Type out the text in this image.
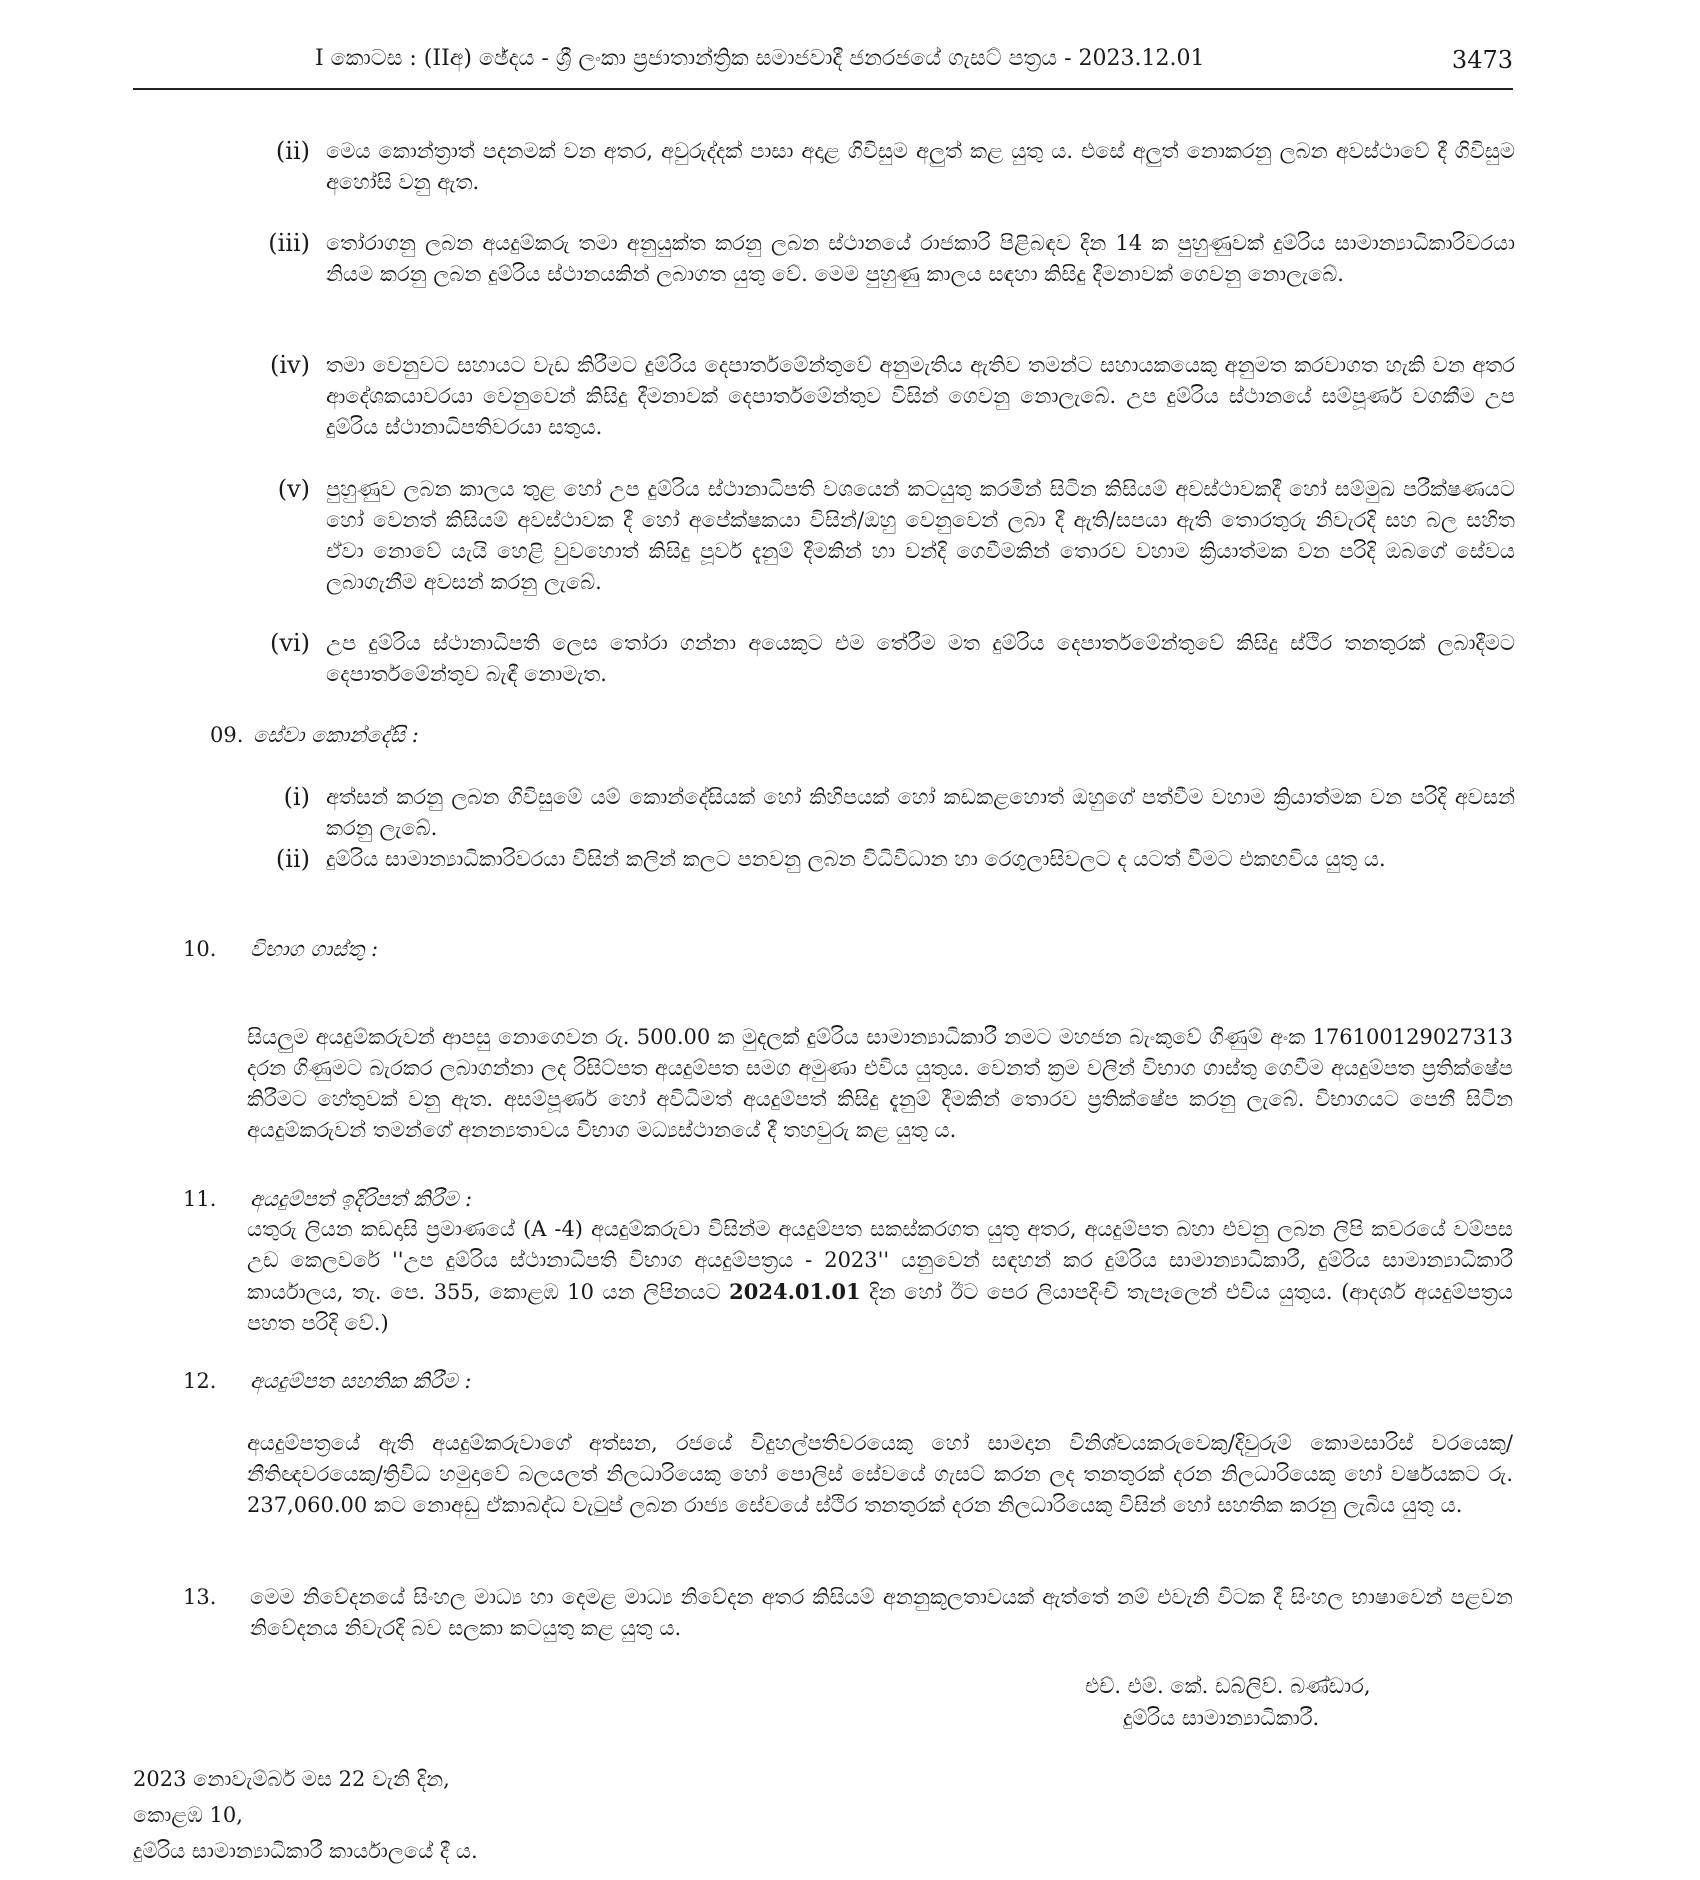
I කොටස : (IIඅ) ඡේදය - ශ්‍රී ලංකා ප්‍රජාතාන්ත්‍රික සමාජවාදී ජනරජයේ ගැසට් පත්‍රය - 2023.12.01	3473
(ii) මෙය කොන්ත්‍රාත් පදනමක් වන අතර, අවුරුද්දක් පාසා අදාළ ගිවිසුම අලුත් කළ යුතු ය. එසේ අලුත් නොකරනු ලබන අවස්ථාවේ දී ගිවිසුම අහෝසි වනු ඇත.
(iii) තෝරාගනු ලබන අයදුම්කරු තමා අනුයුක්ත කරනු ලබන ස්ථානයේ රාජකාරි පිළිබඳව දින 14 ක පුහුණුවක් දුම්රිය සාමාන්‍යාධිකාරිවරයා නියම කරනු ලබන දුම්රිය ස්ථානයකින් ලබාගත යුතු වේ. මෙම පුහුණු කාලය සඳහා කිසිදු දීමනාවක් ගෙවනු නොලැබේ.
(iv) තමා වෙනුවට සහායට වැඩ කිරීමට දුම්රිය දෙපාර්තමේන්තුවේ අනුමැතිය ඇතිව තමන්ට සහායකයෙකු අනුමත කරවාගත හැකි වන අතර ආදේශකයාවරයා වෙනුවෙන් කිසිදු දීමනාවක් දෙපාර්තමේන්තුව විසින් ගෙවනු නොලැබේ. උප දුම්රිය ස්ථානයේ සම්පූර්ණ වගකීම උප දුම්රිය ස්ථානාධිපතිවරයා සතුය.
(v) පුහුණුව ලබන කාලය තුළ හෝ උප දුම්රිය ස්ථානාධිපති වශයෙන් කටයුතු කරමින් සිටින කිසියම් අවස්ථාවකදී හෝ සම්මුඛ පරීක්ෂණයට හෝ වෙනත් කිසියම් අවස්ථාවක දී හෝ අපේක්ෂකයා විසින්/ඔහු වෙනුවෙන් ලබා දී ඇති/සපයා ඇති තොරතුරු නිවැරදි සහ බල සහිත ඒවා නොවේ යැයි හෙළි වුවහොත් කිසිදු පූර්ව දැනුම් දීමකින් හා වන්දි ගෙවීමකින් තොරව වහාම ක්‍රියාත්මක වන පරිදි ඔබගේ සේවය ලබාගැනීම අවසන් කරනු ලැබේ.
(vi) උප දුම්රිය ස්ථානාධිපති ලෙස තෝරා ගන්නා අයෙකුට එම තේරීම මත දුම්රිය දෙපාර්තමේන්තුවේ කිසිදු ස්ථිර තනතුරක් ලබාදීමට දෙපාර්තමේන්තුව බැඳී නොමැත.
09. සේවා කොන්දේසි :
(i) අත්සන් කරනු ලබන ගිවිසුමේ යම් කොන්දේසියක් හෝ කිහිපයක් හෝ කඩකළහොත් ඔහුගේ පත්වීම වහාම ක්‍රියාත්මක වන පරිදි අවසන් කරනු ලැබේ.
(ii) දුම්රිය සාමාන්‍යාධිකාරිවරයා විසින් කලින් කලට පනවනු ලබන විධිවිධාන හා රෙගුලාසිවලට ද යටත් වීමට එකඟවිය යුතු ය.
10.	විභාග ගාස්තු :
සියලුම අයදුම්කරුවන් ආපසු නොගෙවන රු. 500.00 ක මුදලක් දුම්රිය සාමාන්‍යාධිකාරී නමට මහජන බැංකුවේ ගිණුම් අංක 176100129027313 දරන ගිණුමට බැරකර ලබාගන්නා ලද රිසිට්පත අයදුම්පත සමග අමුණා එවිය යුතුය. වෙනත් ක්‍රම වලින් විභාග ගාස්තු ගෙවීම අයදුම්පත ප්‍රතික්ෂේප කිරීමට හේතුවක් වනු ඇත. අසම්පූර්ණ හෝ අවිධිමත් අයදුම්පත් කිසිදු දැනුම් දීමකින් තොරව ප්‍රතික්ෂේප කරනු ලැබේ. විභාගයට පෙනී සිටින අයදුම්කරුවන් තමන්ගේ අනන්‍යතාවය විභාග මධ්‍යස්ථානයේ දී තහවුරු කළ යුතු ය.
11.	අයදුම්පත් ඉදිරිපත් කිරීම :
යතුරු ලියන කඩදාසි ප්‍රමාණයේ (A -4) අයදුම්කරුවා විසින්ම අයදුම්පත සකස්කරගත යුතු අතර, අයදුම්පත බහා එවනු ලබන ලිපි කවරයේ වම්පස උඩ කෙලවරේ ''උප දුම්රිය ස්ථානාධිපති විභාග අයදුම්පත්‍රය - 2023'' යනුවෙන් සඳහන් කර දුම්රිය සාමාන්‍යාධිකාරී, දුම්රිය සාමාන්‍යාධිකාරී කාර්යාලය, තැ. පෙ. 355, කොළඹ 10 යන ලිපිනයට 2024.01.01 දින හෝ ඊට පෙර ලියාපදිංචි තැපෑලෙන් එවිය යුතුය. (ආදර්ශ අයදුම්පත්‍රය පහත පරිදි වේ.)
12.	අයදුම්පත සහතික කිරීම :
අයදුම්පත්‍රයේ ඇති අයදුම්කරුවාගේ අත්සන, රජයේ විදුහල්පතිවරයෙකු හෝ සාමදාන විනිශ්චයකරුවෙකු/දිවුරුම් කොමසාරිස් වරයෙකු/නීතිඥවරයෙකු/ත්‍රිවිධ හමුදාවේ බලයලත් නිලධාරියෙකු හෝ පොලිස් සේවයේ ගැසට් කරන ලද තනතුරක් දරන නිලධාරියෙකු හෝ වර්ෂයකට රු. 237,060.00 කට නොඅඩු ඒකාබද්ධ වැටුප් ලබන රාජ්‍ය සේවයේ ස්ථිර තනතුරක් දරන නිලධාරියෙකු විසින් හෝ සහතික කරනු ලැබිය යුතු ය.
13.	මෙම නිවේදනයේ සිංහල මාධ්‍ය හා දෙමළ මාධ්‍ය නිවේදන අතර කිසියම් අනනුකූලතාවයක් ඇත්තේ නම් එවැනි විටක දී සිංහල භාෂාවෙන් පළවන නිවේදනය නිවැරදි බව සලකා කටයුතු කළ යුතු ය.
එච්. එම්. කේ. ඩබ්ලිව්. බණ්ඩාර,
දුම්රිය සාමාන්‍යාධිකාරී.
2023 නොවැම්බර් මස 22 වැනි දින,
කොළඹ 10,
දුම්රිය සාමාන්‍යාධිකාරී කාර්යාලයේ දී ය.
